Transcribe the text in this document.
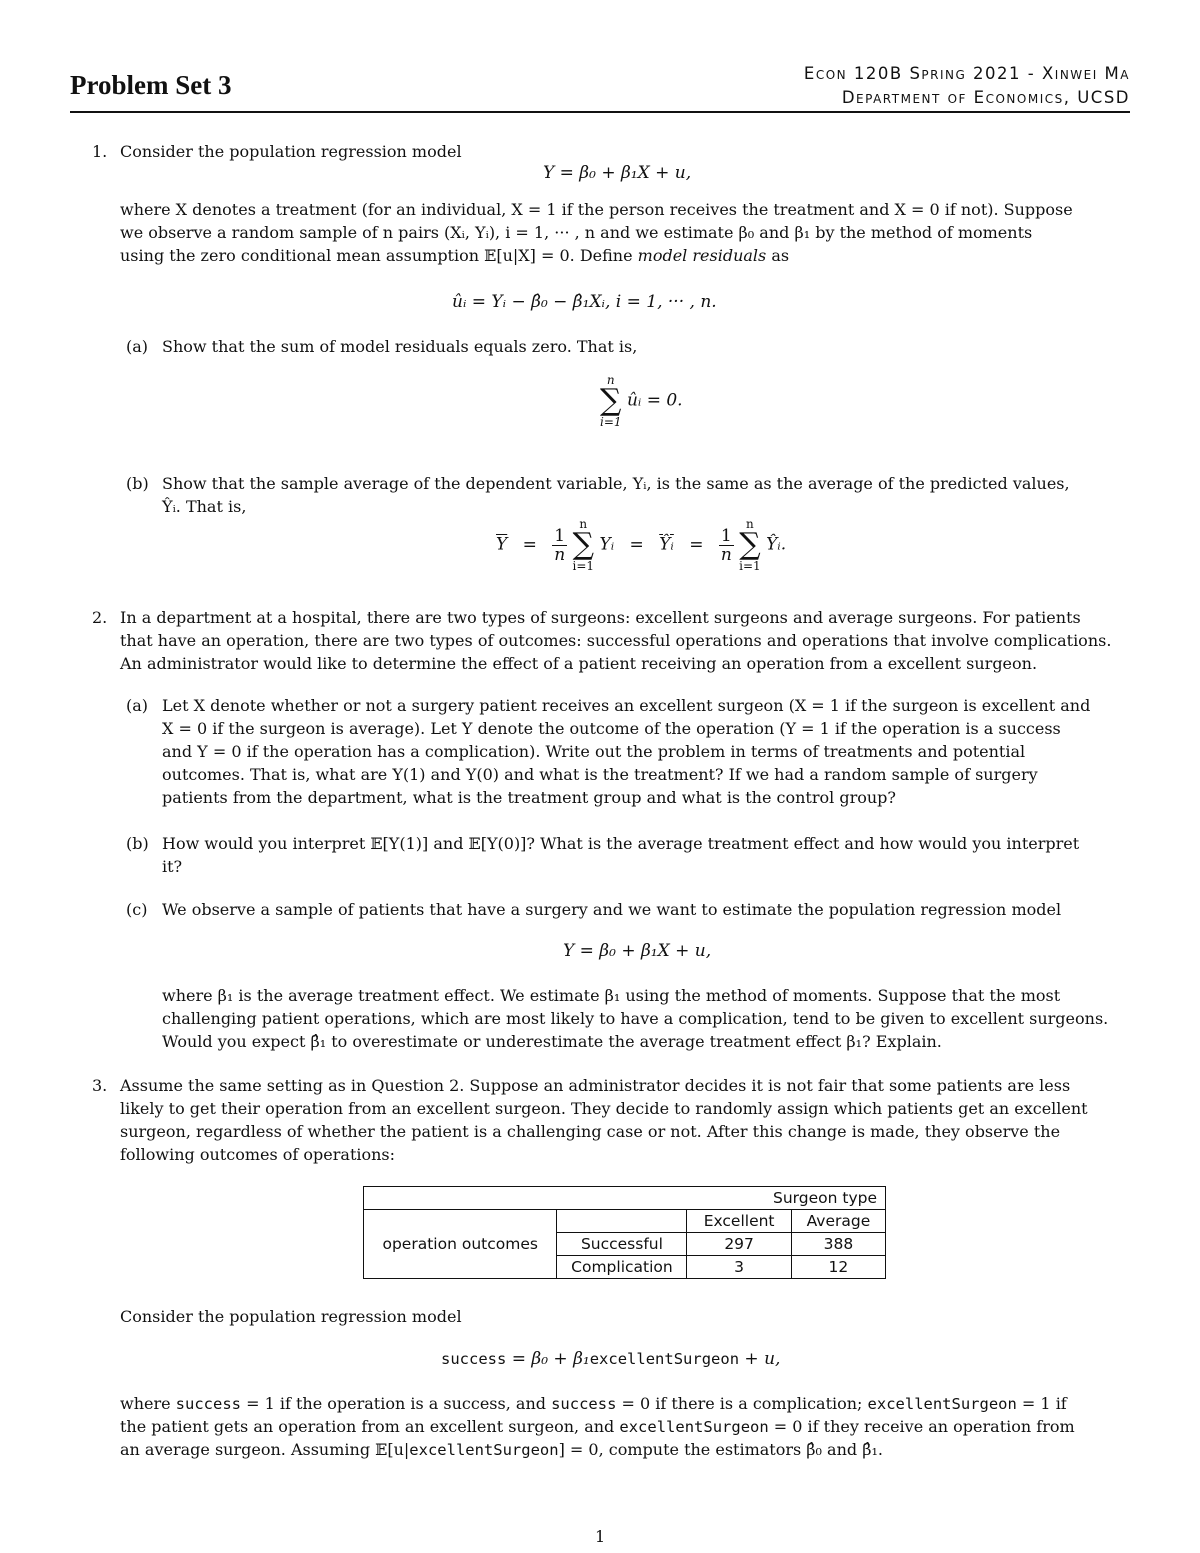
Problem Set 3	Econ 120B Spring 2021 - Xinwei Ma
Department of Economics, UCSD
1. Consider the population regression model
Y = β₀ + β₁X + u,
where X denotes a treatment (for an individual, X = 1 if the person receives the treatment and X = 0 if not). Suppose
we observe a random sample of n pairs (Xᵢ, Yᵢ), i = 1, ··· , n and we estimate β₀ and β₁ by the method of moments
using the zero conditional mean assumption 𝔼[u|X] = 0. Define model residuals as
ûᵢ = Yᵢ − β̂₀ − β̂₁Xᵢ, i = 1, ··· , n.
(a) Show that the sum of model residuals equals zero. That is,
n
∑
i=1 ûᵢ = 0.
(b) Show that the sample average of the dependent variable, Yᵢ, is the same as the average of the predicted values,
Ŷᵢ. That is,
$\overline{Y} = \frac{1}{n}$
n
∑
i=1 Yᵢ = $\overline{Ŷᵢ} = \frac{1}{n}$
n
∑
i=1 Ŷᵢ.
2. In a department at a hospital, there are two types of surgeons: excellent surgeons and average surgeons. For patients
that have an operation, there are two types of outcomes: successful operations and operations that involve complications.
An administrator would like to determine the effect of a patient receiving an operation from a excellent surgeon.
(a) Let X denote whether or not a surgery patient receives an excellent surgeon (X = 1 if the surgeon is excellent and
X = 0 if the surgeon is average). Let Y denote the outcome of the operation (Y = 1 if the operation is a success
and Y = 0 if the operation has a complication). Write out the problem in terms of treatments and potential
outcomes. That is, what are Y(1) and Y(0) and what is the treatment? If we had a random sample of surgery
patients from the department, what is the treatment group and what is the control group?
(b) How would you interpret 𝔼[Y(1)] and 𝔼[Y(0)]? What is the average treatment effect and how would you interpret
it?
(c) We observe a sample of patients that have a surgery and we want to estimate the population regression model
Y = β₀ + β₁X + u,
where β₁ is the average treatment effect. We estimate β₁ using the method of moments. Suppose that the most
challenging patient operations, which are most likely to have a complication, tend to be given to excellent surgeons.
Would you expect β̂₁ to overestimate or underestimate the average treatment effect β₁? Explain.
3. Assume the same setting as in Question 2. Suppose an administrator decides it is not fair that some patients are less
likely to get their operation from an excellent surgeon. They decide to randomly assign which patients get an excellent
surgeon, regardless of whether the patient is a challenging case or not. After this change is made, they observe the
following outcomes of operations:
Surgeon type			
operation outcomes		Excellent	Average
	Successful	297	388
	Complication	3	12
Consider the population regression model
success = β₀ + β₁excellentSurgeon + u,
where success = 1 if the operation is a success, and success = 0 if there is a complication; excellentSurgeon = 1 if
the patient gets an operation from an excellent surgeon, and excellentSurgeon = 0 if they receive an operation from
an average surgeon. Assuming 𝔼[u|excellentSurgeon] = 0, compute the estimators β̂₀ and β̂₁.
1
